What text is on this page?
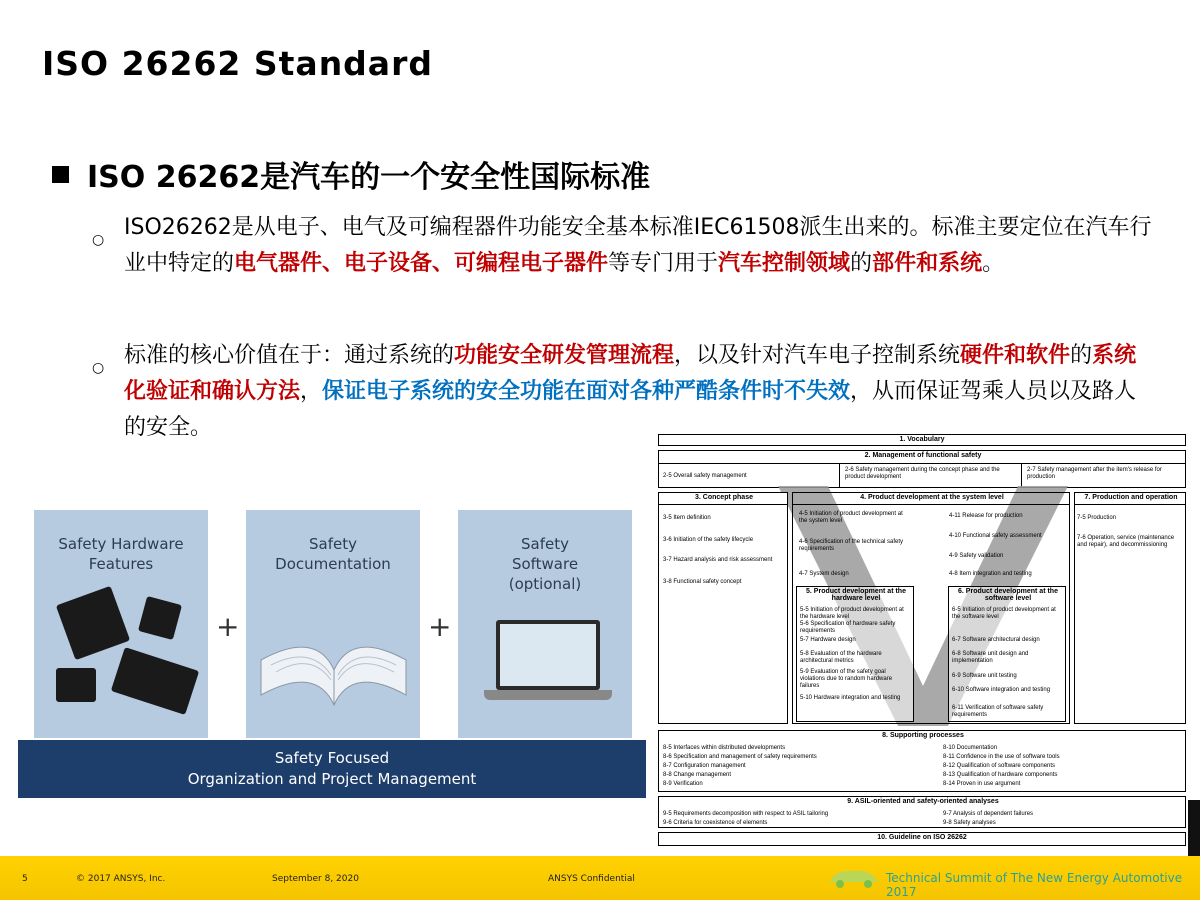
ISO 26262 Standard
ISO 26262是汽车的一个安全性国际标准
○ ISO26262是从电子、电气及可编程器件功能安全基本标准IEC61508派生出来的。标准主要定位在汽车行业中特定的电气器件、电子设备、可编程电子器件等专门用于汽车控制领域的部件和系统。
○ 标准的核心价值在于：通过系统的功能安全研发管理流程，以及针对汽车电子控制系统硬件和软件的系统化验证和确认方法，保证电子系统的安全功能在面对各种严酷条件时不失效，从而保证驾乘人员以及路人的安全。
Safety Hardware
Features
+
Safety
Documentation
+
Safety
Software
(optional)
Safety Focused
Organization and Project Management
1. Vocabulary
2. Management of functional safety
2-5 Overall safety management
2-6 Safety management during the concept phase and the product development
2-7 Safety management after the item's release for production
3. Concept phase
3-5 Item definition
3-6 Initiation of the safety lifecycle
3-7 Hazard analysis and risk assessment
3-8 Functional safety concept
4. Product development at the system level
4-5 Initiation of product development at the system level
4-6 Specification of the technical safety requirements
4-7 System design
4-11 Release for production
4-10 Functional safety assessment
4-9 Safety validation
4-8 Item integration and testing
7. Production and operation
7-5 Production
7-6 Operation, service (maintenance and repair), and decommissioning
5. Product development at the hardware level
5-5 Initiation of product development at the hardware level
5-6 Specification of hardware safety requirements
5-7 Hardware design
5-8 Evaluation of the hardware architectural metrics
5-9 Evaluation of the safety goal violations due to random hardware failures
5-10 Hardware integration and testing
6. Product development at the software level
6-5 Initiation of product development at the software level
6-7 Software architectural design
6-8 Software unit design and implementation
6-9 Software unit testing
6-10 Software integration and testing
6-11 Verification of software safety requirements
8. Supporting processes
8-5 Interfaces within distributed developments
8-6 Specification and management of safety requirements
8-7 Configuration management
8-8 Change management
8-9 Verification
8-10 Documentation
8-11 Confidence in the use of software tools
8-12 Qualification of software components
8-13 Qualification of hardware components
8-14 Proven in use argument
9. ASIL-oriented and safety-oriented analyses
9-5 Requirements decomposition with respect to ASIL tailoring
9-6 Criteria for coexistence of elements
9-7 Analysis of dependent failures
9-8 Safety analyses
10. Guideline on ISO 26262
5	© 2017 ANSYS, Inc.	September 8, 2020	ANSYS Confidential	Technical Summit of The New Energy Automotive 2017
